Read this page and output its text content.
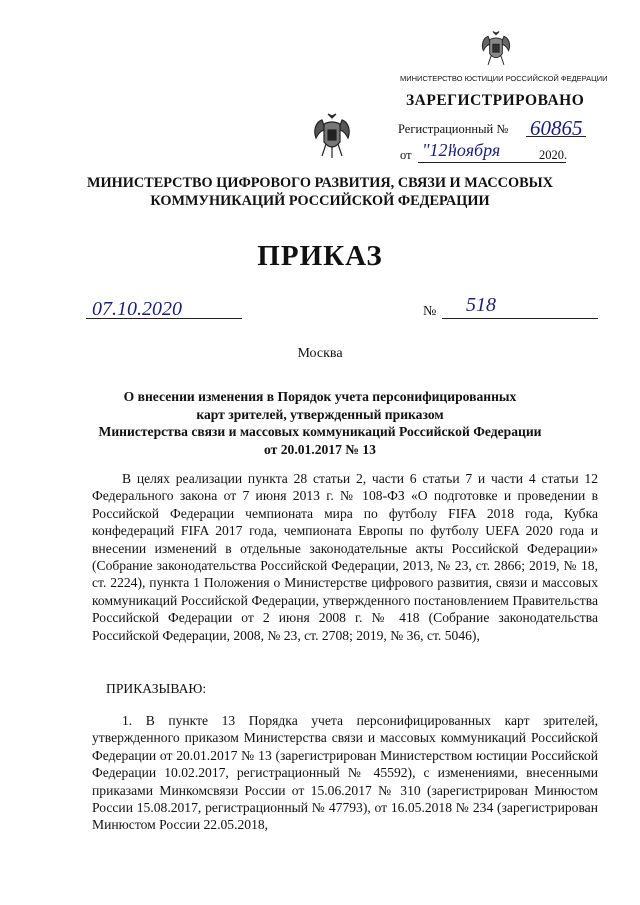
МИНИСТЕРСТВО ЮСТИЦИИ РОССИЙСКОЙ ФЕДЕРАЦИИ
ЗАРЕГИСТРИРОВАНО
Регистрационный № 60865
от "12"
ноября	2020.
МИНИСТЕРСТВО ЦИФРОВОГО РАЗВИТИЯ, СВЯЗИ И МАССОВЫХ
КОММУНИКАЦИЙ РОССИЙСКОЙ ФЕДЕРАЦИИ
ПРИКАЗ
07.10.2020	№ 518
Москва
О внесении изменения в Порядок учета персонифицированных
карт зрителей, утвержденный приказом
Министерства связи и массовых коммуникаций Российской Федерации
от 20.01.2017 № 13
В целях реализации пункта 28 статьи 2, части 6 статьи 7 и части 4 статьи 12 Федерального закона от 7 июня 2013 г. № 108-ФЗ «О подготовке и проведении в Российской Федерации чемпионата мира по футболу FIFA 2018 года, Кубка конфедераций FIFA 2017 года, чемпионата Европы по футболу UEFA 2020 года и внесении изменений в отдельные законодательные акты Российской Федерации» (Собрание законодательства Российской Федерации, 2013, № 23, ст. 2866; 2019, № 18, ст. 2224), пункта 1 Положения о Министерстве цифрового развития, связи и массовых коммуникаций Российской Федерации, утвержденного постановлением Правительства Российской Федерации от 2 июня 2008 г. № 418 (Собрание законодательства Российской Федерации, 2008, № 23, ст. 2708; 2019, № 36, ст. 5046),
ПРИКАЗЫВАЮ:
1. В пункте 13 Порядка учета персонифицированных карт зрителей, утвержденного приказом Министерства связи и массовых коммуникаций Российской Федерации от 20.01.2017 № 13 (зарегистрирован Министерством юстиции Российской Федерации 10.02.2017, регистрационный № 45592), с изменениями, внесенными приказами Минкомсвязи России от 15.06.2017 № 310 (зарегистрирован Минюстом России 15.08.2017, регистрационный № 47793), от 16.05.2018 № 234 (зарегистрирован Минюстом России 22.05.2018,
